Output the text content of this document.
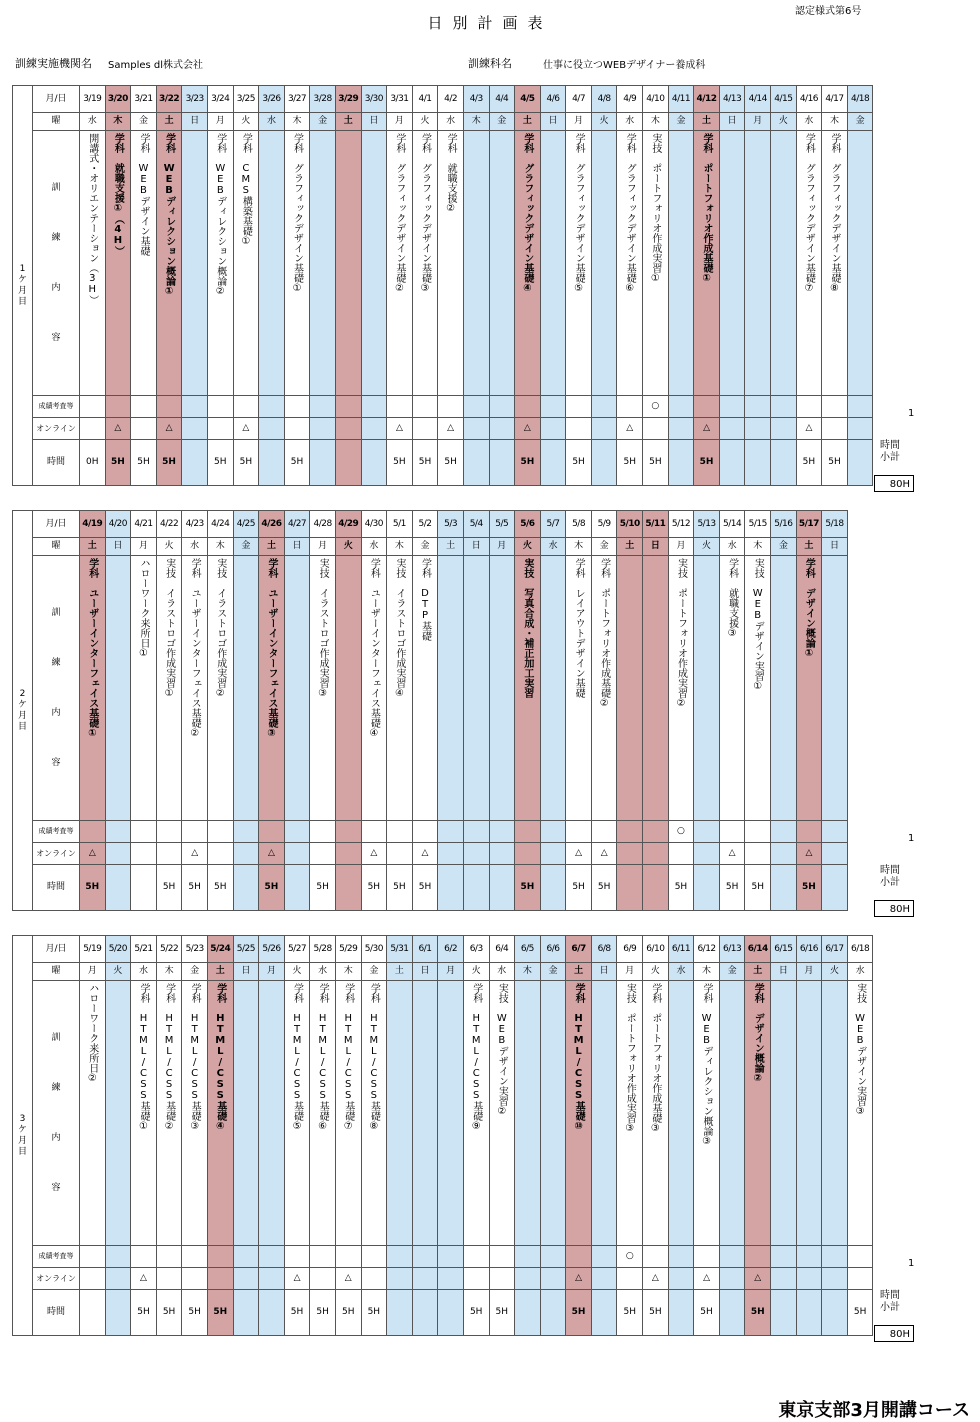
認定様式第6号
日別計画表
訓練実施機関名 Samples dl株式会社	訓練科名	仕事に役立つWEBデザイナー養成科
1
ケ
月
目	月/日	3/19	3/20	3/21	3/22	3/23	3/24	3/25	3/26	3/27	3/28	3/29	3/30	3/31	4/1	4/2	4/3	4/4	4/5	4/6	4/7	4/8	4/9	4/10	4/11	4/12	4/13	4/14	4/15	4/16	4/17	4/18
	曜	水	木	金	土	日	月	火	水	木	金	土	日	月	火	水	木	金	土	日	月	火	水	木	金	土	日	月	火	水	木	金

	訓
練
内
容	開講式・オリエンテーション（3H）	学科　就職支援①（4H）	学科　WEBデザイン基礎	学科　WEBディレクション概論①		学科　WEBディレクション概論②	学科　CMS構築基礎①		学科　グラフィックデザイン基礎①				学科　グラフィックデザイン基礎②	学科　グラフィックデザイン基礎③	学科　就職支援②			学科　グラフィックデザイン基礎④		学科　グラフィックデザイン基礎⑤		学科　グラフィックデザイン基礎⑥	実技　ポートフォリオ作成実習①		学科　ポートフォリオ作成基礎①				学科　グラフィックデザイン基礎⑦	学科　グラフィックデザイン基礎⑧	

	成績考査等																							○								
	オンライン		△		△			△						△		△			△				△			△				△		
	時間	0H	5H	5H	5H		5H	5H		5H				5H	5H	5H			5H		5H		5H	5H		5H				5H	5H	
2
ケ
月
目	月/日	4/19	4/20	4/21	4/22	4/23	4/24	4/25	4/26	4/27	4/28	4/29	4/30	5/1	5/2	5/3	5/4	5/5	5/6	5/7	5/8	5/9	5/10	5/11	5/12	5/13	5/14	5/15	5/16	5/17	5/18
	曜	土	日	月	火	水	木	金	土	日	月	火	水	木	金	土	日	月	火	水	木	金	土	日	月	火	水	木	金	土	日

	訓
練
内
容	学科　ユーザーインターフェイス基礎①		ハローワーク来所日①	実技　イラストロゴ作成実習①	学科　ユーザーインターフェイス基礎②	実技　イラストロゴ作成実習②		学科　ユーザーインターフェイス基礎③		実技　イラストロゴ作成実習③		学科　ユーザーインターフェイス基礎④	実技　イラストロゴ作成実習④	学科　DTP基礎				実技　写真合成・補正加工実習		学科　レイアウトデザイン基礎	学科　ポートフォリオ作成基礎②			実技　ポートフォリオ作成実習②		学科　就職支援③	実技　WEBデザイン実習①		学科　デザイン概論①	

	成績考査等																								○						
	オンライン	△				△			△				△		△						△	△					△			△	
	時間	5H			5H	5H	5H		5H		5H		5H	5H	5H				5H		5H	5H			5H		5H	5H		5H	
3
ケ
月
目	月/日	5/19	5/20	5/21	5/22	5/23	5/24	5/25	5/26	5/27	5/28	5/29	5/30	5/31	6/1	6/2	6/3	6/4	6/5	6/6	6/7	6/8	6/9	6/10	6/11	6/12	6/13	6/14	6/15	6/16	6/17	6/18
	曜	月	火	水	木	金	土	日	月	火	水	木	金	土	日	月	火	水	木	金	土	日	月	火	水	木	金	土	日	月	火	水

	訓
練
内
容	ハローワーク来所日②		学科　HTML/CSS基礎①	学科　HTML/CSS基礎②	学科　HTML/CSS基礎③	学科　HTML/CSS基礎④			学科　HTML/CSS基礎⑤	学科　HTML/CSS基礎⑥	学科　HTML/CSS基礎⑦	学科　HTML/CSS基礎⑧				学科　HTML/CSS基礎⑨	実技　WEBデザイン実習②			学科　HTML/CSS基礎⑩		実技　ポートフォリオ作成実習③	学科　ポートフォリオ作成基礎③		学科　WEBディレクション概論③		学科　デザイン概論②				実技　WEBデザイン実習③

	成績考査等																						○									
	オンライン			△						△		△									△			△		△		△				
	時間			5H	5H	5H	5H			5H	5H	5H	5H				5H	5H			5H		5H	5H		5H		5H				5H
東京支部3月開講コース
1
時間
小計
80H
1
時間
小計
80H
1
時間
小計
80H
